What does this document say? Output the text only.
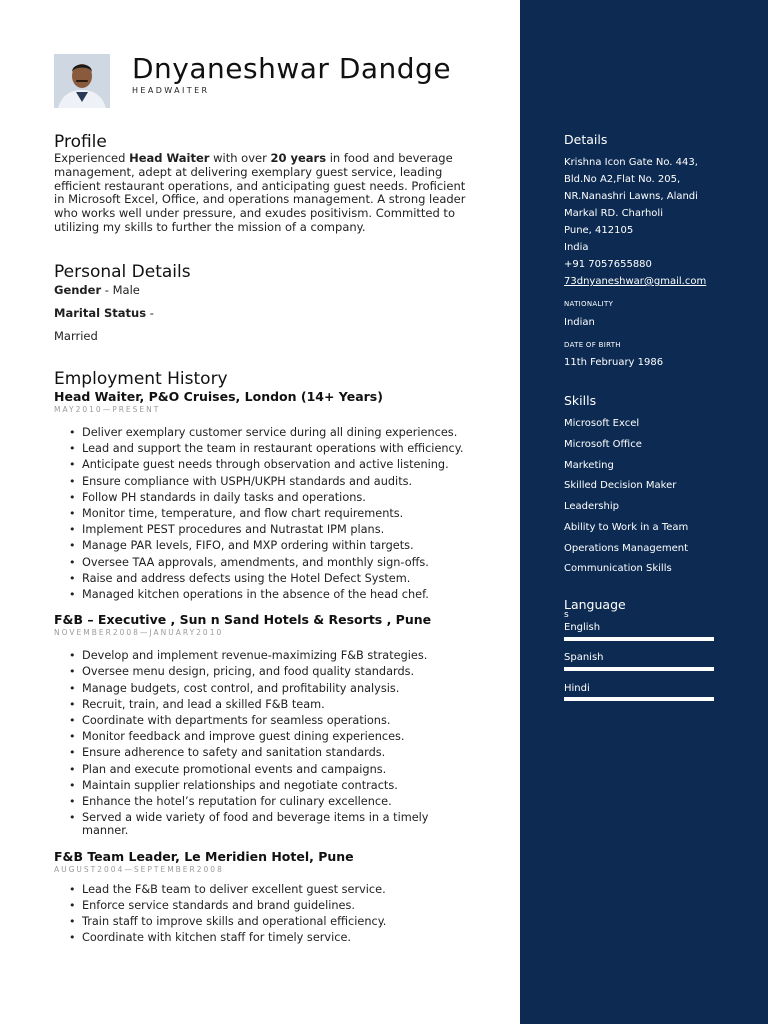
Dnyaneshwar Dandge
HEADWAITER
Profile
Experienced Head Waiter with over 20 years in food and beverage management, adept at delivering exemplary guest service, leading efficient restaurant operations, and anticipating guest needs. Proficient in Microsoft Excel, Office, and operations management. A strong leader who works well under pressure, and exudes positivism. Committed to utilizing my skills to further the mission of a company.
Personal Details
Gender - Male
Marital Status -
Married
Employment History
Head Waiter, P&O Cruises, London (14+ Years)
MAY2010—PRESENT
• Deliver exemplary customer service during all dining experiences.
• Lead and support the team in restaurant operations with efficiency.
• Anticipate guest needs through observation and active listening.
• Ensure compliance with USPH/UKPH standards and audits.
• Follow PH standards in daily tasks and operations.
• Monitor time, temperature, and flow chart requirements.
• Implement PEST procedures and Nutrastat IPM plans.
• Manage PAR levels, FIFO, and MXP ordering within targets.
• Oversee TAA approvals, amendments, and monthly sign-offs.
• Raise and address defects using the Hotel Defect System.
• Managed kitchen operations in the absence of the head chef.
F&B – Executive , Sun n Sand Hotels & Resorts , Pune
NOVEMBER2008—JANUARY2010
• Develop and implement revenue-maximizing F&B strategies.
• Oversee menu design, pricing, and food quality standards.
• Manage budgets, cost control, and profitability analysis.
• Recruit, train, and lead a skilled F&B team.
• Coordinate with departments for seamless operations.
• Monitor feedback and improve guest dining experiences.
• Ensure adherence to safety and sanitation standards.
• Plan and execute promotional events and campaigns.
• Maintain supplier relationships and negotiate contracts.
• Enhance the hotel’s reputation for culinary excellence.
• Served a wide variety of food and beverage items in a timely manner.
F&B Team Leader, Le Meridien Hotel, Pune
AUGUST2004—SEPTEMBER2008
• Lead the F&B team to deliver excellent guest service.
• Enforce service standards and brand guidelines.
• Train staff to improve skills and operational efficiency.
• Coordinate with kitchen staff for timely service.
Details
Krishna Icon Gate No. 443,
Bld.No A2,Flat No. 205,
NR.Nanashri Lawns, Alandi
Markal RD. Charholi
Pune, 412105
India
+91 7057655880
73dnyaneshwar@gmail.com
NATIONALITY
Indian
DATE OF BIRTH
11th February 1986
Skills
Microsoft Excel
Microsoft Office
Marketing
Skilled Decision Maker
Leadership
Ability to Work in a Team
Operations Management
Communication Skills
Language
s
English
Spanish
Hindi
